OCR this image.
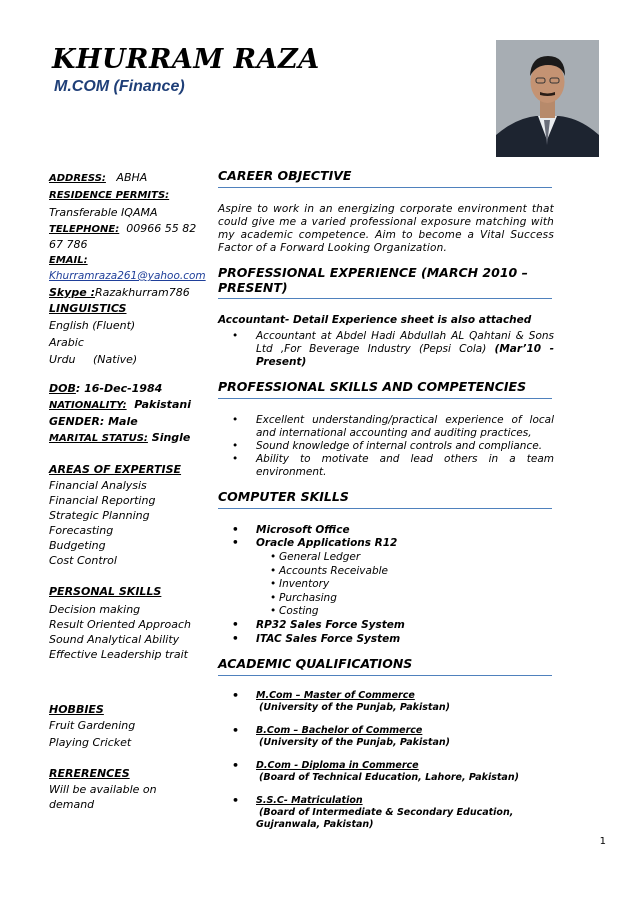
KHURRAM RAZA
M.COM (Finance)
ADDRESS: ABHA
RESIDENCE PERMITS:
Transferable IQAMA
TELEPHONE: 00966 55 82 67 786
EMAIL:
Khurramraza261@yahoo.com
Skype :Razakhurram786
LINGUISTICS
English (Fluent)
Arabic
Urdu     (Native)
DOB: 16-Dec-1984
NATIONALITY: Pakistani
GENDER: Male
MARITAL STATUS: Single
AREAS OF EXPERTISE
Financial Analysis
Financial Reporting
Strategic Planning
Forecasting
Budgeting
Cost Control
PERSONAL SKILLS
Decision making
Result Oriented Approach
Sound Analytical Ability
Effective Leadership trait
HOBBIES
Fruit Gardening
Playing Cricket
RERERENCES
Will be available on demand
CAREER OBJECTIVE
Aspire to work in an energizing corporate environment that could give me a varied professional exposure matching with my academic competence. Aim to become a Vital Success Factor of a Forward Looking Organization.
PROFESSIONAL EXPERIENCE (MARCH 2010 – PRESENT)
Accountant- Detail Experience sheet is also attached
• Accountant at Abdel Hadi Abdullah AL Qahtani & Sons Ltd ,For Beverage Industry (Pepsi Cola) (Mar’10 - Present)
PROFESSIONAL SKILLS AND COMPETENCIES
• Excellent understanding/practical experience of local and international accounting and auditing practices,
• Sound knowledge of internal controls and compliance.
• Ability to motivate and lead others in a team environment.
COMPUTER SKILLS
• Microsoft Office
• Oracle Applications R12
• General Ledger
• Accounts Receivable
• Inventory
• Purchasing
• Costing
• RP32 Sales Force System
• ITAC Sales Force System
ACADEMIC QUALIFICATIONS
• M.Com – Master of Commerce
(University of the Punjab, Pakistan)
• B.Com – Bachelor of Commerce
(University of the Punjab, Pakistan)
• D.Com - Diploma in Commerce
(Board of Technical Education, Lahore, Pakistan)
• S.S.C- Matriculation
(Board of Intermediate & Secondary Education, Gujranwala, Pakistan)
1
